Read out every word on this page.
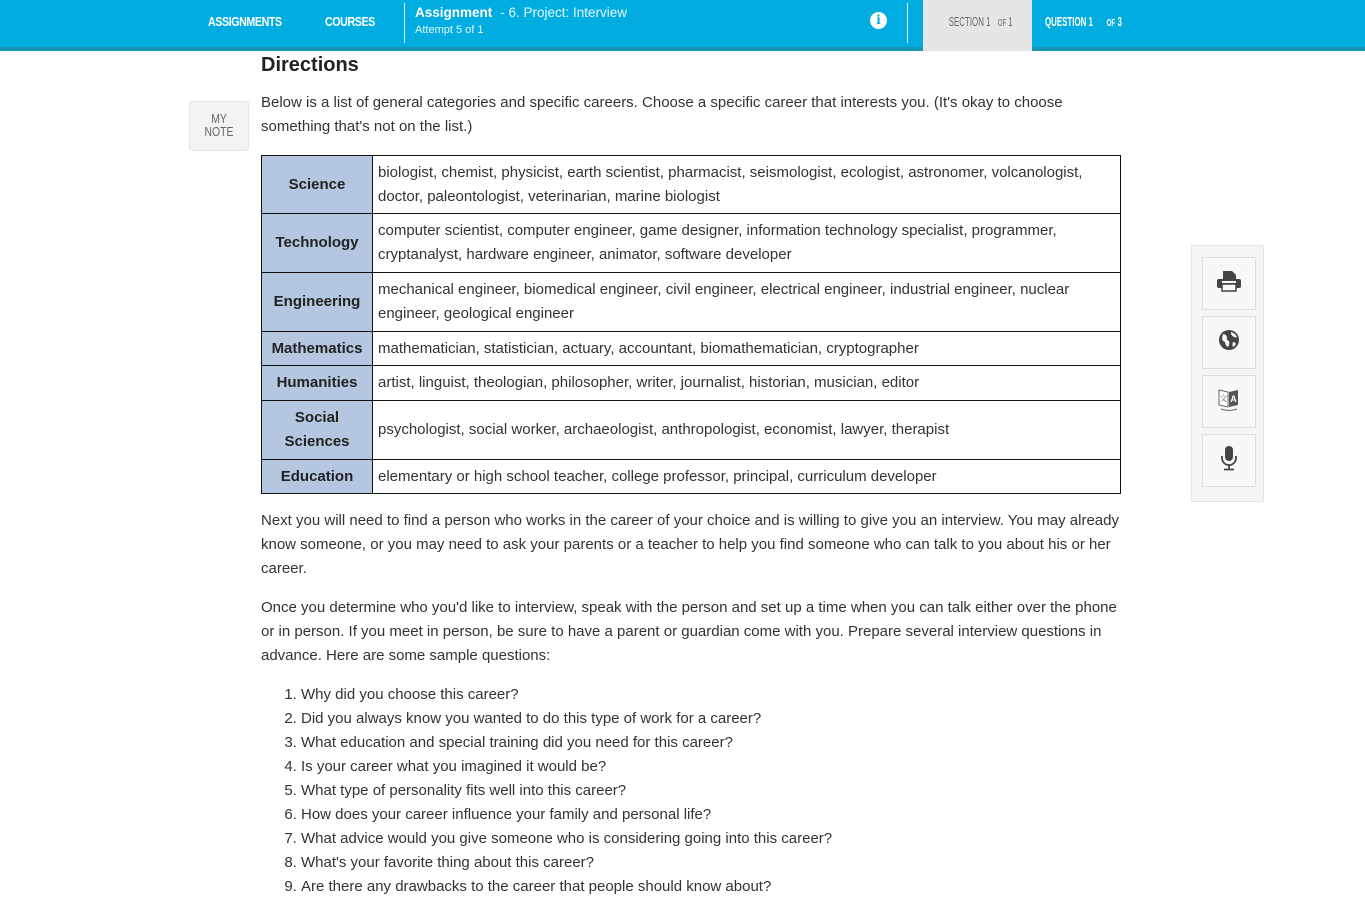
ASSIGNMENTS	COURSES
Assignment - 6. Project: Interview
Attempt 5 of 1
i	SECTION 1OF1	QUESTION 1OF3
MY
NOTE
Directions

Below is a list of general categories and specific careers. Choose a specific career that interests you. (It's okay to choose something that's not on the list.)

Science	biologist, chemist, physicist, earth scientist, pharmacist, seismologist, ecologist, astronomer, volcanologist, doctor, paleontologist, veterinarian, marine biologist
Technology	computer scientist, computer engineer, game designer, information technology specialist, programmer, cryptanalyst, hardware engineer, animator, software developer
Engineering	mechanical engineer, biomedical engineer, civil engineer, electrical engineer, industrial engineer, nuclear engineer, geological engineer
Mathematics	mathematician, statistician, actuary, accountant, biomathematician, cryptographer
Humanities	artist, linguist, theologian, philosopher, writer, journalist, historian, musician, editor
Social Sciences	psychologist, social worker, archaeologist, anthropologist, economist, lawyer, therapist
Education	elementary or high school teacher, college professor, principal, curriculum developer

Next you will need to find a person who works in the career of your choice and is willing to give you an interview. You may already know someone, or you may need to ask your parents or a teacher to help you find someone who can talk to you about his or her career.

Once you determine who you'd like to interview, speak with the person and set up a time when you can talk either over the phone or in person. If you meet in person, be sure to have a parent or guardian come with you. Prepare several interview questions in advance. Here are some sample questions:

1. Why did you choose this career?
2. Did you always know you wanted to do this type of work for a career?
3. What education and special training did you need for this career?
4. Is your career what you imagined it would be?
5. What type of personality fits well into this career?
6. How does your career influence your family and personal life?
7. What advice would you give someone who is considering going into this career?
8. What's your favorite thing about this career?
9. Are there any drawbacks to the career that people should know about?
A
文
